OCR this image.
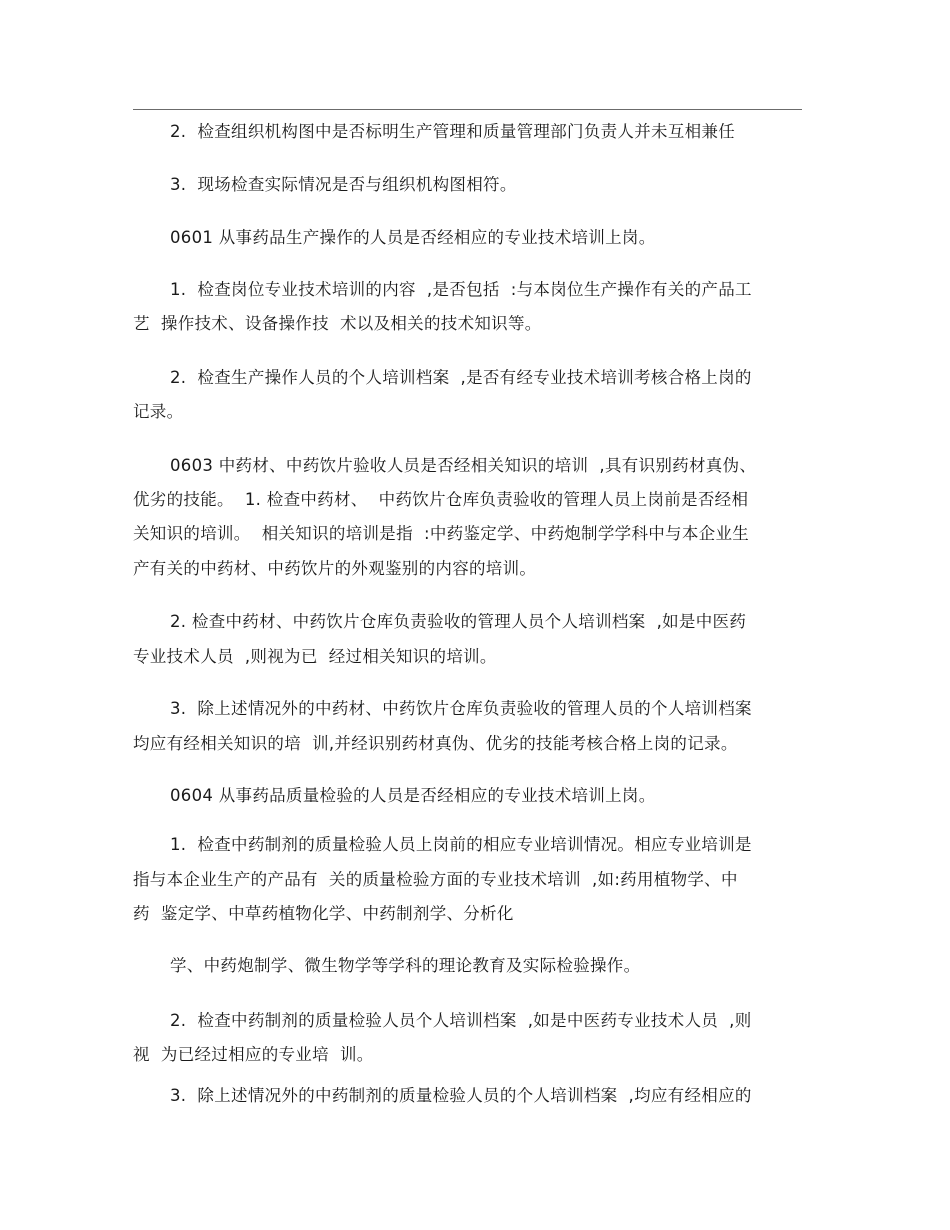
2.  检查组织机构图中是否标明生产管理和质量管理部门负责人并未互相兼任
3.  现场检查实际情况是否与组织机构图相符。
0601 从事药品生产操作的人员是否经相应的专业技术培训上岗。
1.  检查岗位专业技术培训的内容  ,是否包括  :与本岗位生产操作有关的产品工
艺  操作技术、设备操作技  术以及相关的技术知识等。
2.  检查生产操作人员的个人培训档案  ,是否有经专业技术培训考核合格上岗的
记录。
0603 中药材、中药饮片验收人员是否经相关知识的培训  ,具有识别药材真伪、
优劣的技能。  1. 检查中药材、  中药饮片仓库负责验收的管理人员上岗前是否经相
关知识的培训。  相关知识的培训是指  :中药鉴定学、中药炮制学学科中与本企业生
产有关的中药材、中药饮片的外观鉴别的内容的培训。
2. 检查中药材、中药饮片仓库负责验收的管理人员个人培训档案  ,如是中医药
专业技术人员  ,则视为已  经过相关知识的培训。
3.  除上述情况外的中药材、中药饮片仓库负责验收的管理人员的个人培训档案
均应有经相关知识的培  训,并经识别药材真伪、优劣的技能考核合格上岗的记录。
0604 从事药品质量检验的人员是否经相应的专业技术培训上岗。
1.  检查中药制剂的质量检验人员上岗前的相应专业培训情况。相应专业培训是
指与本企业生产的产品有  关的质量检验方面的专业技术培训  ,如:药用植物学、中
药  鉴定学、中草药植物化学、中药制剂学、分析化
学、中药炮制学、微生物学等学科的理论教育及实际检验操作。
2.  检查中药制剂的质量检验人员个人培训档案  ,如是中医药专业技术人员  ,则
视  为已经过相应的专业培  训。
3.  除上述情况外的中药制剂的质量检验人员的个人培训档案  ,均应有经相应的
